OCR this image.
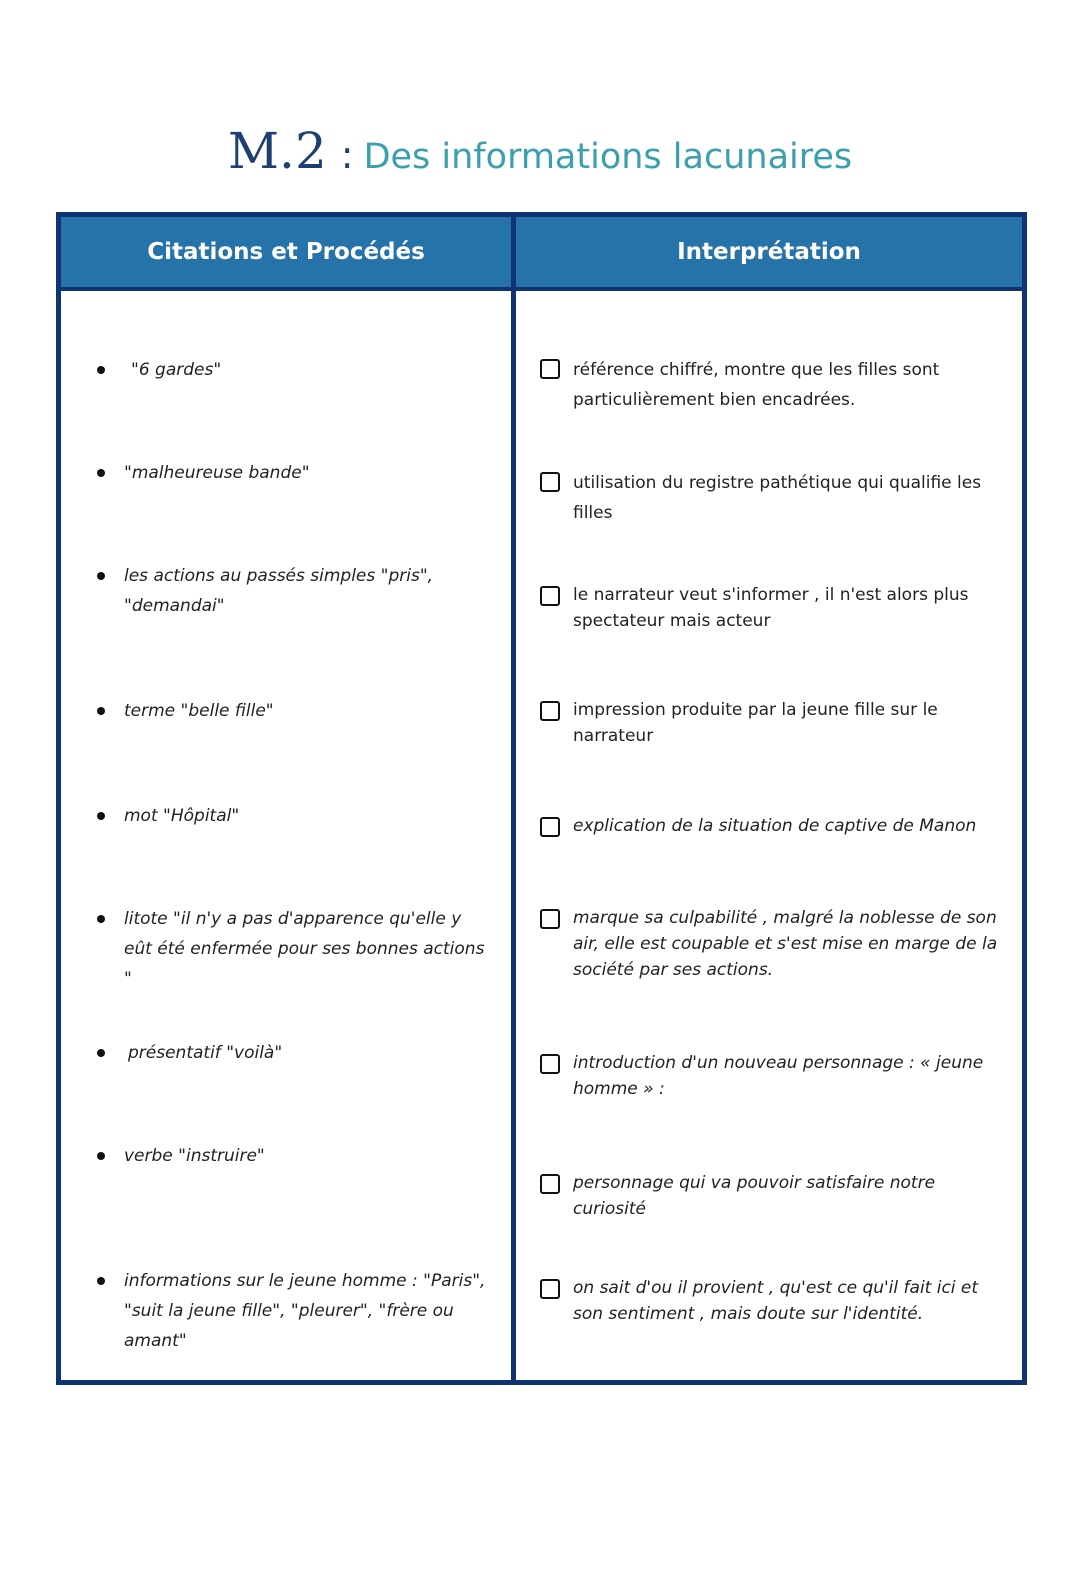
M.2 : Des informations lacunaires
Citations et Procédés	Interprétation
"6 gardes"
"malheureuse bande"
les actions au passés simples "pris", "demandai"
terme "belle fille"
mot "Hôpital"
litote "il n'y a pas d'apparence qu'elle y eût été enfermée pour ses bonnes actions "
présentatif "voilà"
verbe "instruire"
informations sur le jeune homme : "Paris", "suit la jeune fille", "pleurer", "frère ou amant"
référence chiffré, montre que les filles sont particulièrement bien encadrées.
utilisation du registre pathétique qui qualifie les filles
le narrateur veut s'informer , il n'est alors plus spectateur mais acteur
impression produite par la jeune fille sur le narrateur
explication de la situation de captive de Manon
marque sa culpabilité , malgré la noblesse de son air, elle est coupable et s'est mise en marge de la société par ses actions.
introduction d'un nouveau personnage : « jeune homme » :
personnage qui va pouvoir satisfaire notre curiosité
on sait d'ou il provient , qu'est ce qu'il fait ici et son sentiment , mais doute sur l'identité.
